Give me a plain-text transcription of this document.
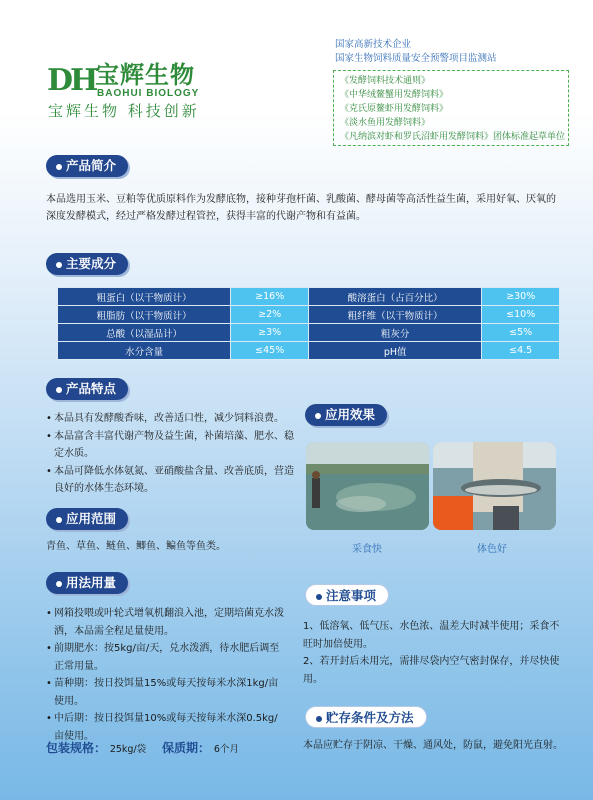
DH 宝辉生物
BAOHUI BIOLOGY
宝辉生物 科技创新
国家高新技术企业
国家生物饲料质量安全预警项目监测站
《发酵饲料技术通则》
《中华绒鳌蟹用发酵饲料》
《克氏原鳌虾用发酵饲料》
《淡水鱼用发酵饲料》
《凡纳滨对虾和罗氏沼虾用发酵饲料》团体标准起草单位
产品简介
本品选用玉米、豆粕等优质原料作为发酵底物，接种芽孢杆菌、乳酸菌、酵母菌等高活性益生菌，采用好氧、厌氧的深度发酵模式，经过严格发酵过程管控，获得丰富的代谢产物和有益菌。
主要成分
粗蛋白（以干物质计）	≥16%	酸溶蛋白（占百分比）	≥30%
粗脂肪（以干物质计）	≥2%	粗纤维（以干物质计）	≤10%
总酸（以湿品计）	≥3%	粗灰分	≤5%
水分含量	≤45%	pH值	≤4.5
产品特点
• 本品具有发酵酸香味，改善适口性，减少饲料浪费。
• 本品富含丰富代谢产物及益生菌，补菌培藻、肥水、稳定水质。
• 本品可降低水体氨氮、亚硝酸盐含量、改善底质，营造良好的水体生态环境。
应用效果
采食快	体色好
应用范围
青鱼、草鱼、鲢鱼、鲫鱼、鳊鱼等鱼类。
用法用量
• 网箱投喂或叶轮式增氧机翻浪入池，定期培菌克水泼洒，本品需全程足量使用。
• 前期肥水：按5kg/亩/天，兑水泼洒，待水肥后调至正常用量。
• 苗种期：按日投饵量15%或每天按每米水深1kg/亩使用。
• 中后期：按日投饵量10%或每天按每米水深0.5kg/亩使用。
包装规格： 25kg/袋 保质期： 6个月
注意事项
1、低溶氧、低气压、水色浓、温差大时减半使用；采食不旺时加倍使用。
2、若开封后未用完，需排尽袋内空气密封保存，并尽快使用。
贮存条件及方法
本品应贮存于阴凉、干燥、通风处，防鼠，避免阳光直射。
